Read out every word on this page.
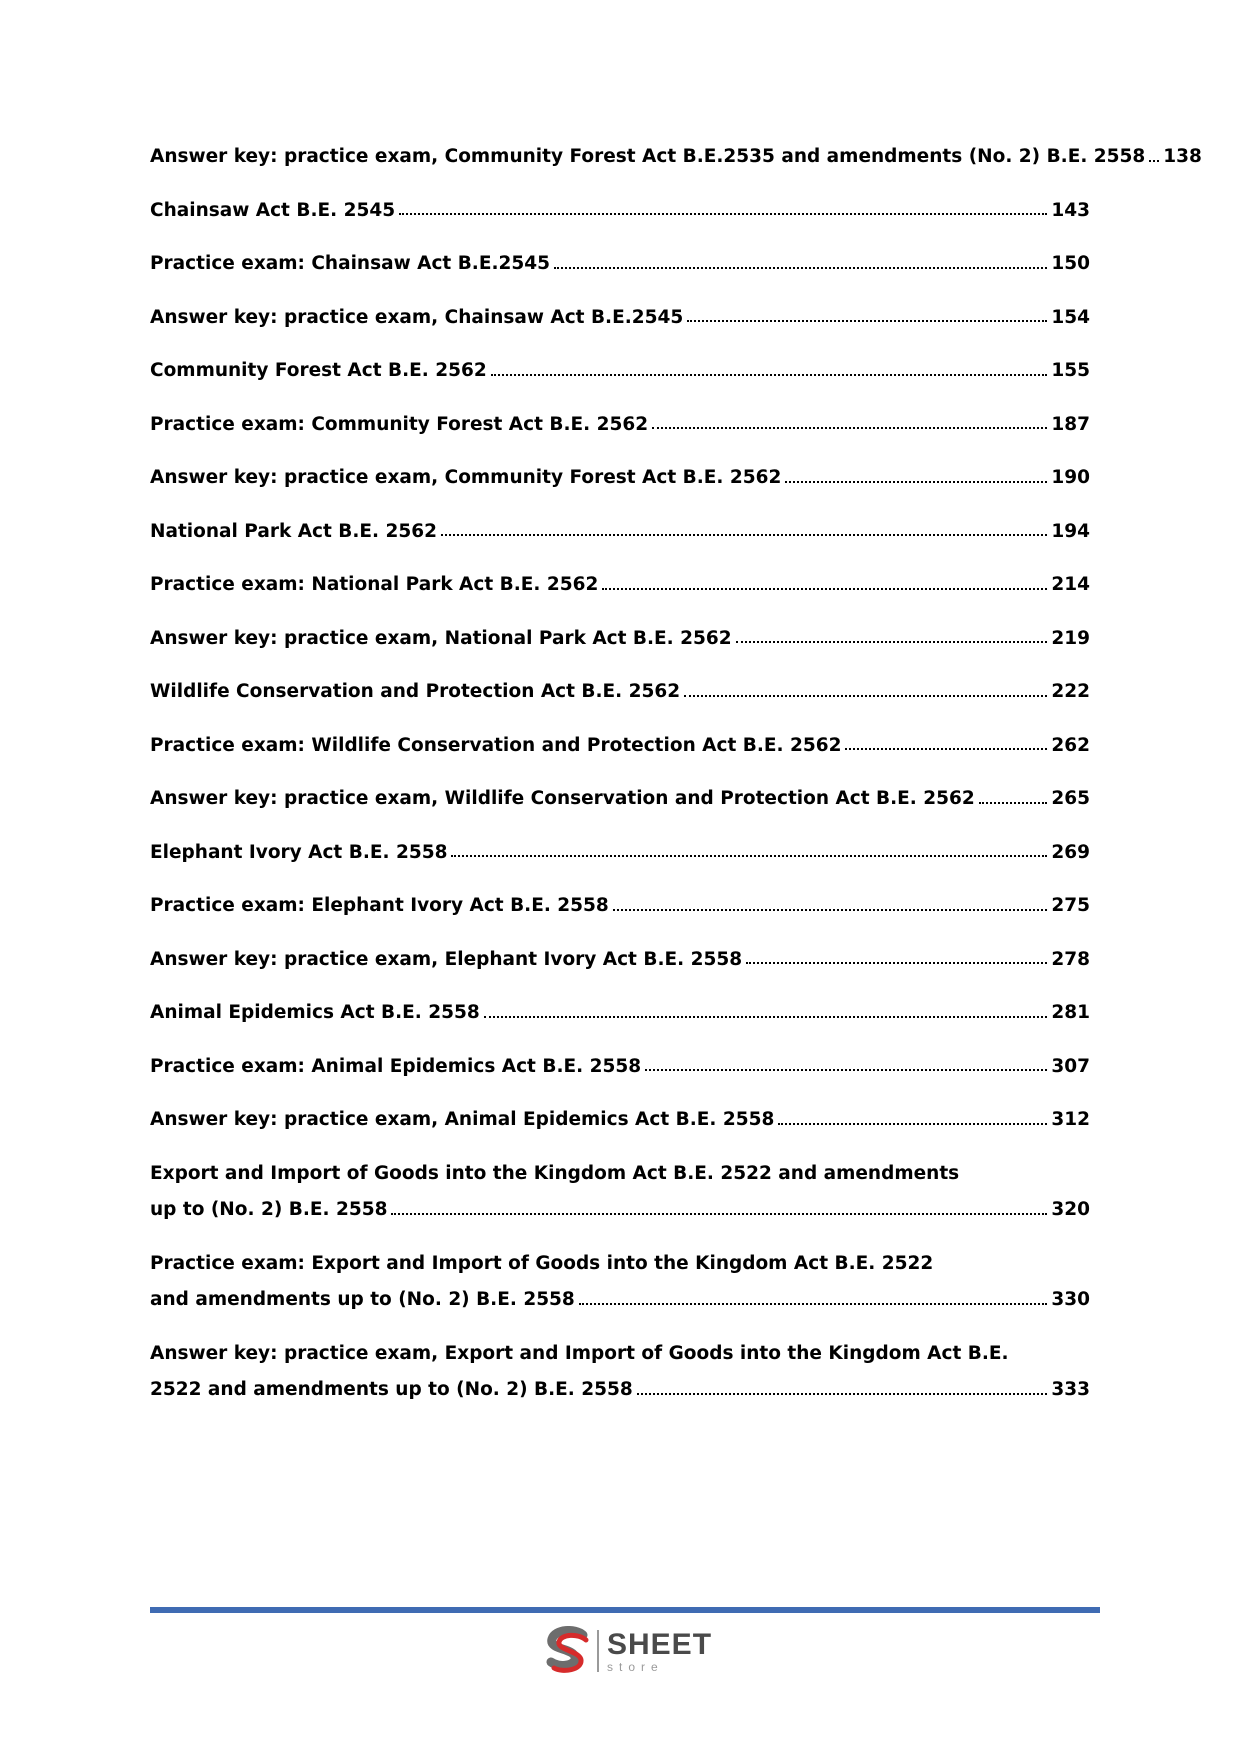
Answer key: practice exam, Community Forest Act B.E.2535 and amendments (No. 2) B.E. 2558 138
Chainsaw Act B.E. 2545	143
Practice exam: Chainsaw Act B.E.2545	150
Answer key: practice exam, Chainsaw Act B.E.2545	154
Community Forest Act B.E. 2562	155
Practice exam: Community Forest Act B.E. 2562	187
Answer key: practice exam, Community Forest Act B.E. 2562	190
National Park Act B.E. 2562	194
Practice exam: National Park Act B.E. 2562	214
Answer key: practice exam, National Park Act B.E. 2562	219
Wildlife Conservation and Protection Act B.E. 2562	222
Practice exam: Wildlife Conservation and Protection Act B.E. 2562	262
Answer key: practice exam, Wildlife Conservation and Protection Act B.E. 2562	265
Elephant Ivory Act B.E. 2558	269
Practice exam: Elephant Ivory Act B.E. 2558	275
Answer key: practice exam, Elephant Ivory Act B.E. 2558	278
Animal Epidemics Act B.E. 2558	281
Practice exam: Animal Epidemics Act B.E. 2558	307
Answer key: practice exam, Animal Epidemics Act B.E. 2558	312
Export and Import of Goods into the Kingdom Act B.E. 2522 and amendments
up to (No. 2) B.E. 2558	320
Practice exam: Export and Import of Goods into the Kingdom Act B.E. 2522
and amendments up to (No. 2) B.E. 2558	330
Answer key: practice exam, Export and Import of Goods into the Kingdom Act B.E.
2522 and amendments up to (No. 2) B.E. 2558	333
SHEET
store
